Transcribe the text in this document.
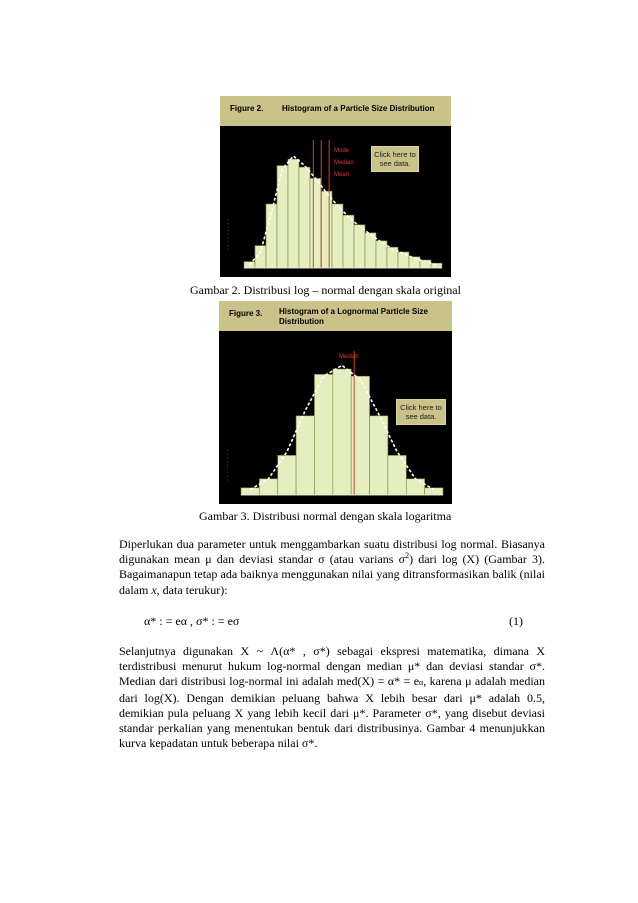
Figure 2. Histogram of a Particle Size Distribution
· · · · · · · · ·
Mode
Median
Mean
Click here to see data.
Gambar 2. Distribusi log – normal dengan skala original
Figure 3. Histogram of a Lognormal Particle Size Distribution
· · · · · · · · ·
Median
Click here to see data.
Gambar 3. Distribusi normal dengan skala logaritma

Diperlukan dua parameter untuk menggambarkan suatu distribusi log normal. Biasanya digunakan mean μ dan deviasi standar σ (atau varians $\sigma^2$) dari log (X) (Gambar 3). Bagaimanapun tetap ada baiknya menggunakan nilai yang ditransformasikan balik (nilai dalam x, data terukur):

α* : = eα , σ* : = eσ	(1)

Selanjutnya digunakan X ~ Λ(α* , σ*) sebagai ekspresi matematika, dimana X terdistribusi menurut hukum log-normal dengan median μ* dan deviasi standar σ*. Median dari distribusi log-normal ini adalah med(X) = α* = eα, karena μ adalah median dari log(X). Dengan demikian peluang bahwa X lebih besar dari μ* adalah 0.5, demikian pula peluang X yang lebih kecil dari μ*. Parameter σ*, yang disebut deviasi standar perkalian yang menentukan bentuk dari distribusinya. Gambar 4 menunjukkan kurva kepadatan untuk beberapa nilai σ*.
